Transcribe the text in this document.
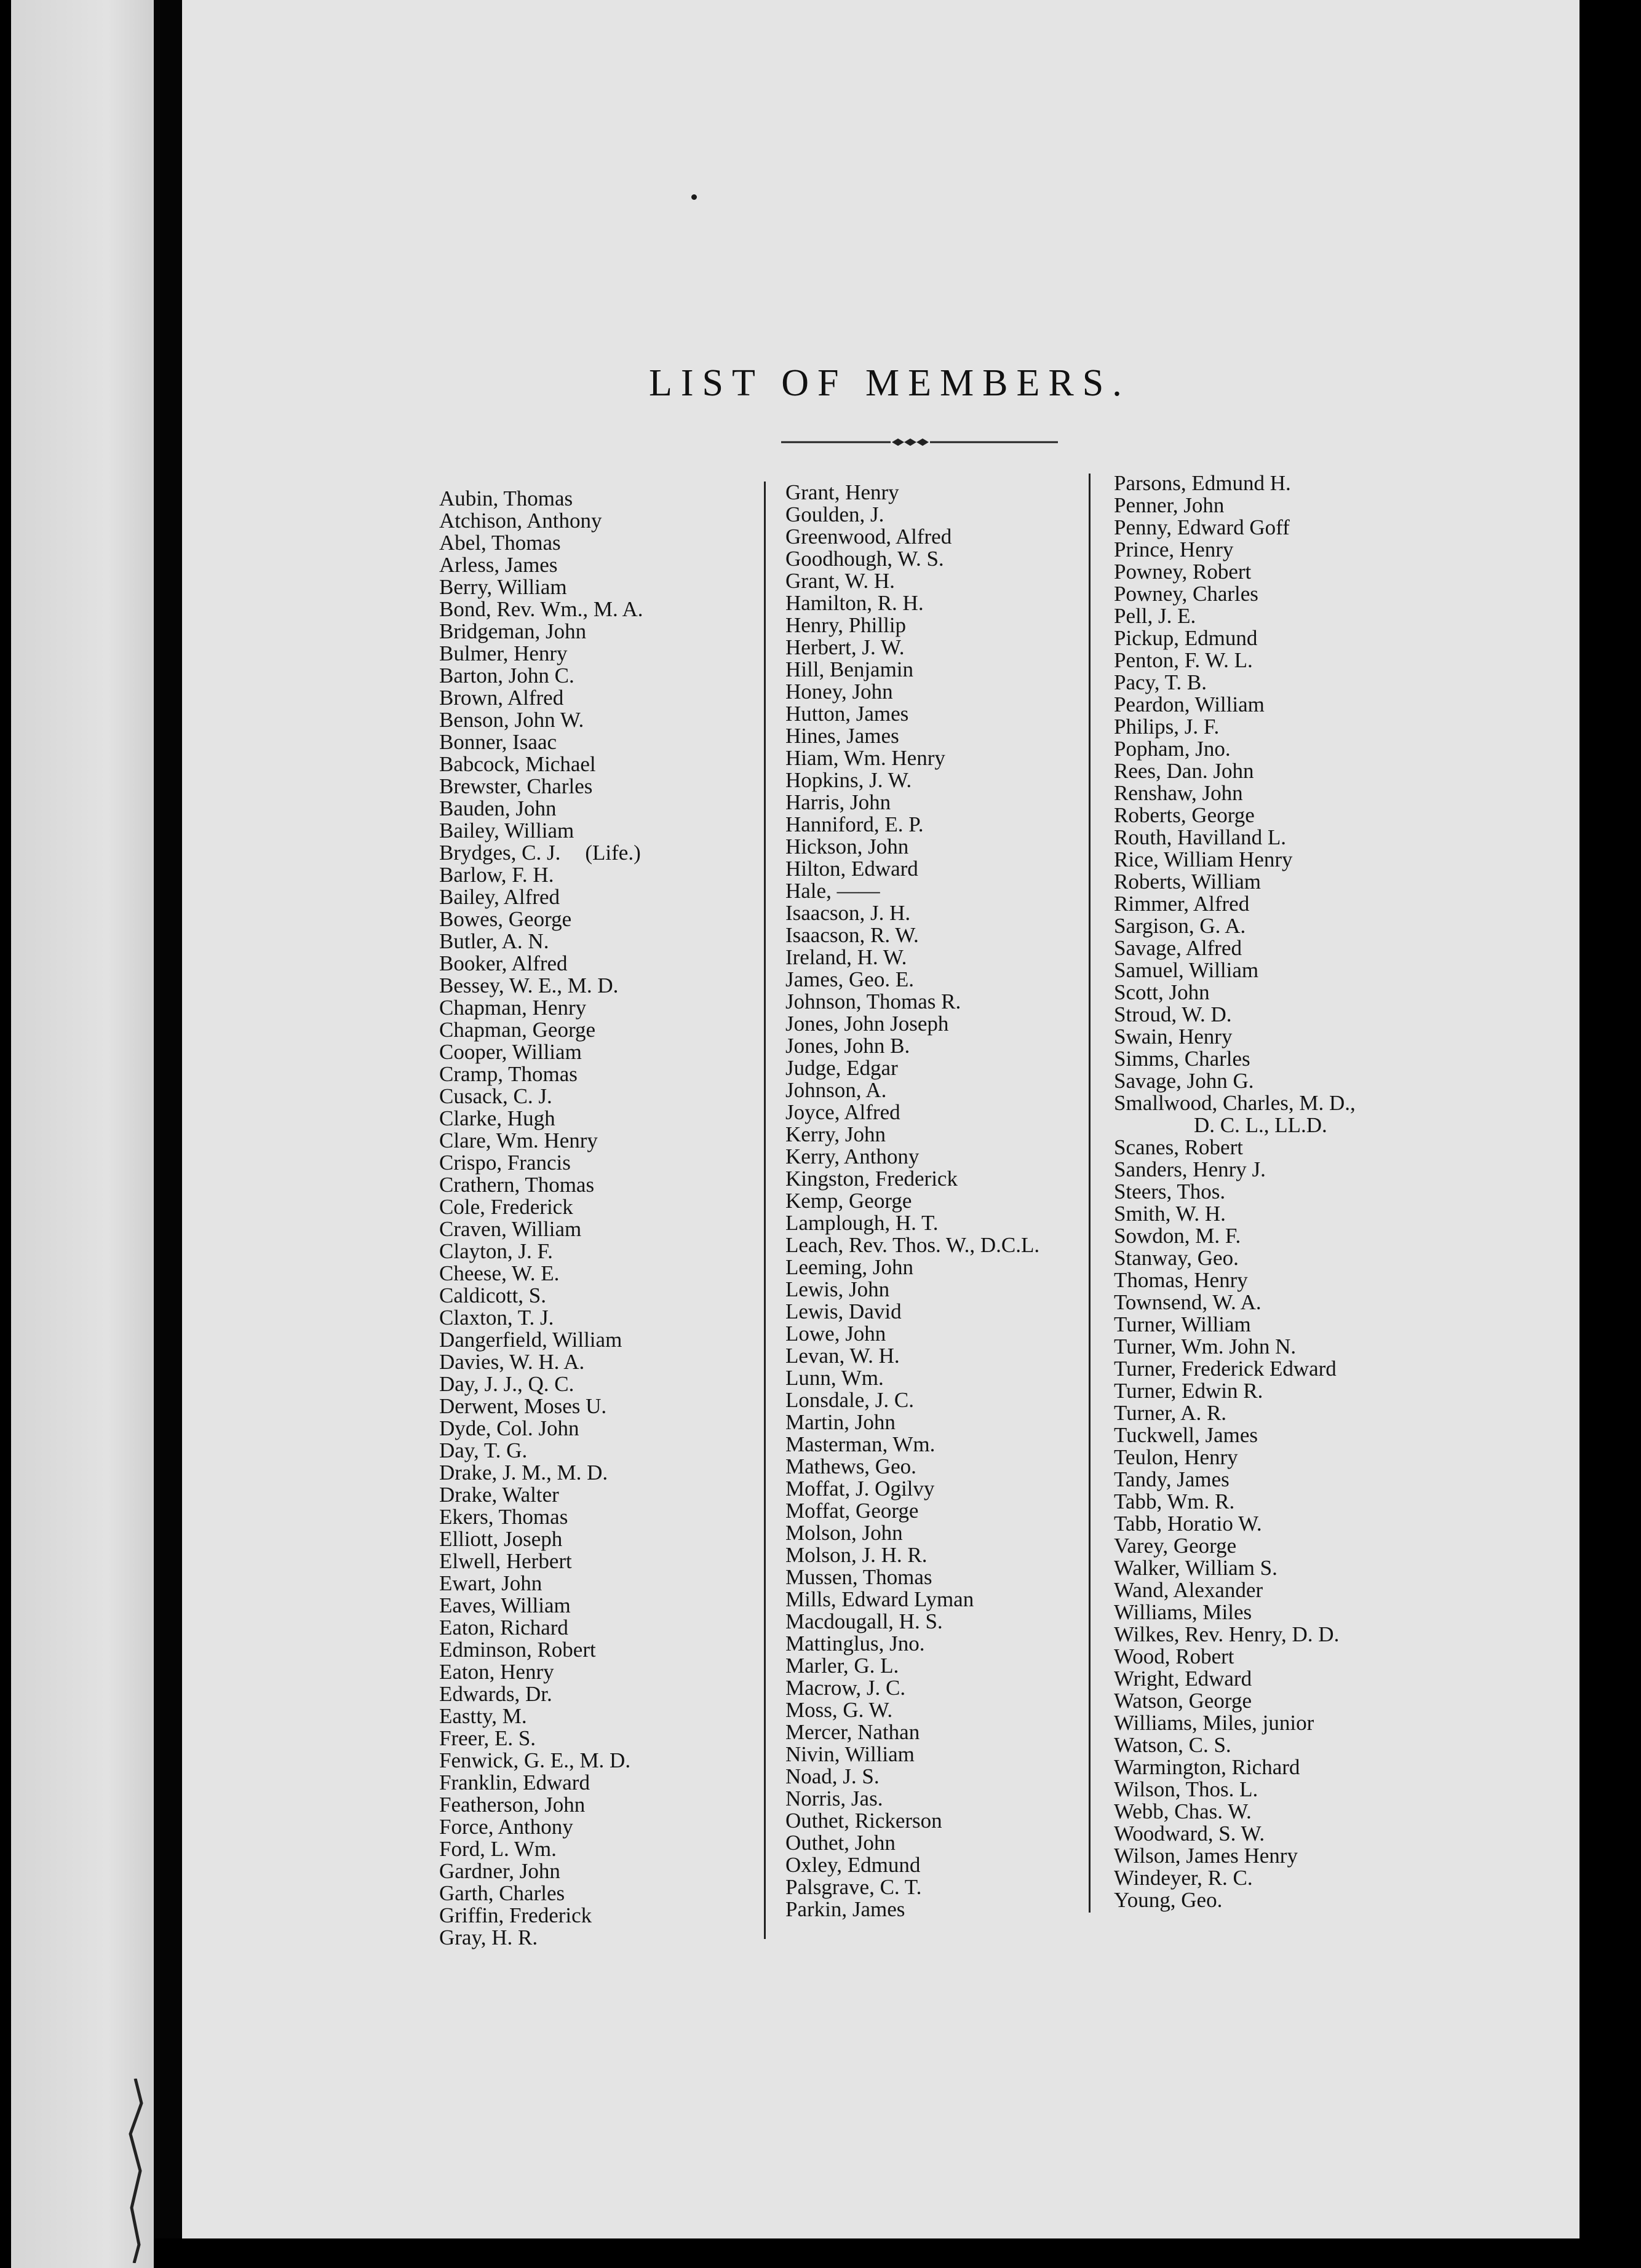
LIST OF MEMBERS.
Aubin, Thomas
Atchison, Anthony
Abel, Thomas
Arless, James
Berry, William
Bond, Rev. Wm., M. A.
Bridgeman, John
Bulmer, Henry
Barton, John C.
Brown, Alfred
Benson, John W.
Bonner, Isaac
Babcock, Michael
Brewster, Charles
Bauden, John
Bailey, William
Brydges, C. J. (Life.)
Barlow, F. H.
Bailey, Alfred
Bowes, George
Butler, A. N.
Booker, Alfred
Bessey, W. E., M. D.
Chapman, Henry
Chapman, George
Cooper, William
Cramp, Thomas
Cusack, C. J.
Clarke, Hugh
Clare, Wm. Henry
Crispo, Francis
Crathern, Thomas
Cole, Frederick
Craven, William
Clayton, J. F.
Cheese, W. E.
Caldicott, S.
Claxton, T. J.
Dangerfield, William
Davies, W. H. A.
Day, J. J., Q. C.
Derwent, Moses U.
Dyde, Col. John
Day, T. G.
Drake, J. M., M. D.
Drake, Walter
Ekers, Thomas
Elliott, Joseph
Elwell, Herbert
Ewart, John
Eaves, William
Eaton, Richard
Edminson, Robert
Eaton, Henry
Edwards, Dr.
Eastty, M.
Freer, E. S.
Fenwick, G. E., M. D.
Franklin, Edward
Featherson, John
Force, Anthony
Ford, L. Wm.
Gardner, John
Garth, Charles
Griffin, Frederick
Gray, H. R.
Grant, Henry
Goulden, J.
Greenwood, Alfred
Goodhough, W. S.
Grant, W. H.
Hamilton, R. H.
Henry, Phillip
Herbert, J. W.
Hill, Benjamin
Honey, John
Hutton, James
Hines, James
Hiam, Wm. Henry
Hopkins, J. W.
Harris, John
Hanniford, E. P.
Hickson, John
Hilton, Edward
Hale, ——
Isaacson, J. H.
Isaacson, R. W.
Ireland, H. W.
James, Geo. E.
Johnson, Thomas R.
Jones, John Joseph
Jones, John B.
Judge, Edgar
Johnson, A.
Joyce, Alfred
Kerry, John
Kerry, Anthony
Kingston, Frederick
Kemp, George
Lamplough, H. T.
Leach, Rev. Thos. W., D.C.L.
Leeming, John
Lewis, John
Lewis, David
Lowe, John
Levan, W. H.
Lunn, Wm.
Lonsdale, J. C.
Martin, John
Masterman, Wm.
Mathews, Geo.
Moffat, J. Ogilvy
Moffat, George
Molson, John
Molson, J. H. R.
Mussen, Thomas
Mills, Edward Lyman
Macdougall, H. S.
Mattinglus, Jno.
Marler, G. L.
Macrow, J. C.
Moss, G. W.
Mercer, Nathan
Nivin, William
Noad, J. S.
Norris, Jas.
Outhet, Rickerson
Outhet, John
Oxley, Edmund
Palsgrave, C. T.
Parkin, James
Parsons, Edmund H.
Penner, John
Penny, Edward Goff
Prince, Henry
Powney, Robert
Powney, Charles
Pell, J. E.
Pickup, Edmund
Penton, F. W. L.
Pacy, T. B.
Peardon, William
Philips, J. F.
Popham, Jno.
Rees, Dan. John
Renshaw, John
Roberts, George
Routh, Havilland L.
Rice, William Henry
Roberts, William
Rimmer, Alfred
Sargison, G. A.
Savage, Alfred
Samuel, William
Scott, John
Stroud, W. D.
Swain, Henry
Simms, Charles
Savage, John G.
Smallwood, Charles, M. D.,
D. C. L., LL.D.
Scanes, Robert
Sanders, Henry J.
Steers, Thos.
Smith, W. H.
Sowdon, M. F.
Stanway, Geo.
Thomas, Henry
Townsend, W. A.
Turner, William
Turner, Wm. John N.
Turner, Frederick Edward
Turner, Edwin R.
Turner, A. R.
Tuckwell, James
Teulon, Henry
Tandy, James
Tabb, Wm. R.
Tabb, Horatio W.
Varey, George
Walker, William S.
Wand, Alexander
Williams, Miles
Wilkes, Rev. Henry, D. D.
Wood, Robert
Wright, Edward
Watson, George
Williams, Miles, junior
Watson, C. S.
Warmington, Richard
Wilson, Thos. L.
Webb, Chas. W.
Woodward, S. W.
Wilson, James Henry
Windeyer, R. C.
Young, Geo.
